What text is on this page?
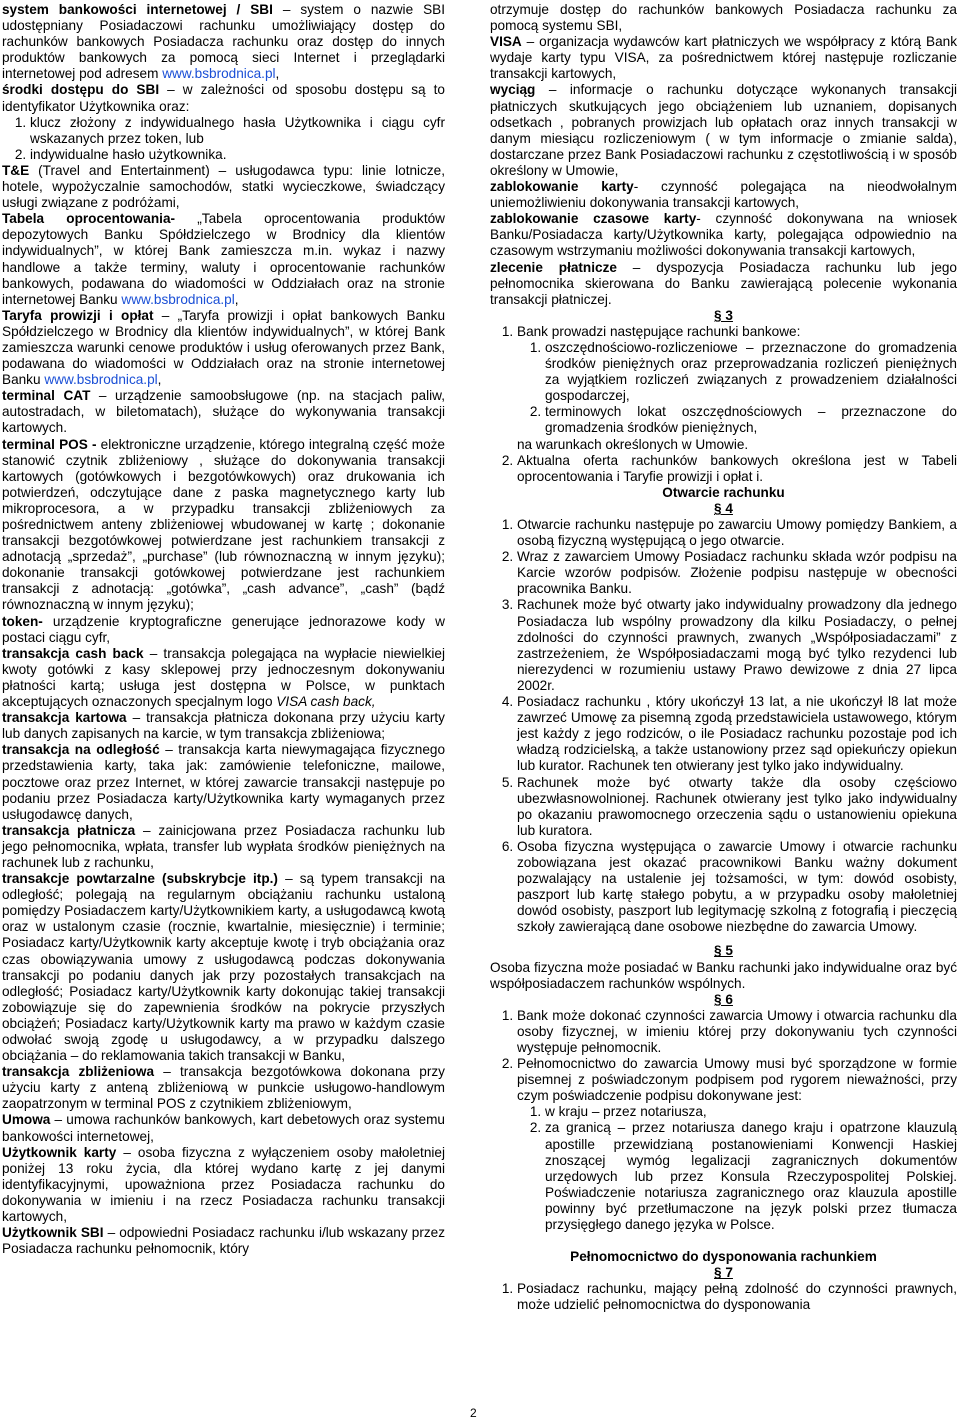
system bankowości internetowej / SBI – system o nazwie SBI udostępniany Posiadaczowi rachunku umożliwiający dostęp do rachunków bankowych Posiadacza rachunku oraz dostęp do innych produktów bankowych za pomocą sieci Internet i przeglądarki internetowej pod adresem www.bsbrodnica.pl,

środki dostępu do SBI – w zależności od sposobu dostępu są to identyfikator Użytkownika oraz:

1. klucz złożony z indywidualnego hasła Użytkownika i ciągu cyfr wskazanych przez token, lub
2. indywidualne hasło użytkownika.

T&E (Travel and Entertainment) – usługodawca typu: linie lotnicze, hotele, wypożyczalnie samochodów, statki wycieczkowe, świadczący usługi związane z podróżami,

Tabela oprocentowania- „Tabela oprocentowania produktów depozytowych Banku Spółdzielczego w Brodnicy dla klientów indywidualnych”, w której Bank zamieszcza m.in. wykaz i nazwy handlowe a także terminy, waluty i oprocentowanie rachunków bankowych, podawana do wiadomości w Oddziałach oraz na stronie internetowej Banku www.bsbrodnica.pl,

Taryfa prowizji i opłat – „Taryfa prowizji i opłat bankowych Banku Spółdzielczego w Brodnicy dla klientów indywidualnych”, w której Bank zamieszcza warunki cenowe produktów i usług oferowanych przez Bank, podawana do wiadomości w Oddziałach oraz na stronie internetowej Banku www.bsbrodnica.pl,

terminal CAT – urządzenie samoobsługowe (np. na stacjach paliw, autostradach, w biletomatach), służące do wykonywania transakcji kartowych.

terminal POS - elektroniczne urządzenie, którego integralną część może stanowić czytnik zbliżeniowy , służące do dokonywania transakcji kartowych (gotówkowych i bezgotówkowych) oraz drukowania ich potwierdzeń, odczytujące dane z paska magnetycznego karty lub mikroprocesora, a w przypadku transakcji zbliżeniowych za pośrednictwem anteny zbliżeniowej wbudowanej w kartę ; dokonanie transakcji bezgotówkowej potwierdzane jest rachunkiem transakcji z adnotacją „sprzedaż”, „purchase” (lub równoznaczną w innym języku); dokonanie transakcji gotówkowej potwierdzane jest rachunkiem transakcji z adnotacją: „gotówka”, „cash advance”, „cash” (bądź równoznaczną w innym języku);

token- urządzenie kryptograficzne generujące jednorazowe kody w postaci ciągu cyfr,

transakcja cash back – transakcja polegająca na wypłacie niewielkiej kwoty gotówki z kasy sklepowej przy jednoczesnym dokonywaniu płatności kartą; usługa jest dostępna w Polsce, w punktach akceptujących oznaczonych specjalnym logo VISA cash back,

transakcja kartowa – transakcja płatnicza dokonana przy użyciu karty lub danych zapisanych na karcie, w tym transakcja zbliżeniowa;

transakcja na odległość – transakcja karta niewymagająca fizycznego przedstawienia karty, taka jak: zamówienie telefoniczne, mailowe, pocztowe oraz przez Internet, w której zawarcie transakcji następuje po podaniu przez Posiadacza karty/Użytkownika karty wymaganych przez usługodawcę danych,

transakcja płatnicza – zainicjowana przez Posiadacza rachunku lub jego pełnomocnika, wpłata, transfer lub wypłata środków pieniężnych na rachunek lub z rachunku,

transakcje powtarzalne (subskrybcje itp.) – są typem transakcji na odległość; polegają na regularnym obciążaniu rachunku ustaloną pomiędzy Posiadaczem karty/Użytkownikiem karty, a usługodawcą kwotą oraz w ustalonym czasie (rocznie, kwartalnie, miesięcznie) i terminie; Posiadacz karty/Użytkownik karty akceptuje kwotę i tryb obciążania oraz czas obowiązywania umowy z usługodawcą podczas dokonywania transakcji po podaniu danych jak przy pozostałych transakcjach na odległość; Posiadacz karty/Użytkownik karty dokonując takiej transakcji zobowiązuje się do zapewnienia środków na pokrycie przyszłych obciążeń; Posiadacz karty/Użytkownik karty ma prawo w każdym czasie odwołać swoją zgodę u usługodawcy, a w przypadku dalszego obciążania – do reklamowania takich transakcji w Banku,

transakcja zbliżeniowa – transakcja bezgotówkowa dokonana przy użyciu karty z anteną zbliżeniową w punkcie usługowo-handlowym zaopatrzonym w terminal POS z czytnikiem zbliżeniowym,

Umowa – umowa rachunków bankowych, kart debetowych oraz systemu bankowości internetowej,

Użytkownik karty – osoba fizyczna z wyłączeniem osoby małoletniej poniżej 13 roku życia, dla której wydano kartę z jej danymi identyfikacyjnymi, upoważniona przez Posiadacza rachunku do dokonywania w imieniu i na rzecz Posiadacza rachunku transakcji kartowych,

Użytkownik SBI – odpowiedni Posiadacz rachunku i/lub wskazany przez Posiadacza rachunku pełnomocnik, który

otrzymuje dostęp do rachunków bankowych Posiadacza rachunku za pomocą systemu SBI,

VISA – organizacja wydawców kart płatniczych we współpracy z którą Bank wydaje karty typu VISA, za pośrednictwem której następuje rozliczanie transakcji kartowych,

wyciąg – informacje o rachunku dotyczące wykonanych transakcji płatniczych skutkujących jego obciążeniem lub uznaniem, dopisanych odsetkach , pobranych prowizjach lub opłatach oraz innych transakcji w danym miesiącu rozliczeniowym ( w tym informacje o zmianie salda), dostarczane przez Bank Posiadaczowi rachunku z częstotliwością i w sposób określony w Umowie,

zablokowanie karty- czynność polegająca na nieodwołalnym uniemożliwieniu dokonywania transakcji kartowych,

zablokowanie czasowe karty- czynność dokonywana na wniosek Banku/Posiadacza karty/Użytkownika karty, polegająca odpowiednio na czasowym wstrzymaniu możliwości dokonywania transakcji kartowych,

zlecenie płatnicze – dyspozycja Posiadacza rachunku lub jego pełnomocnika skierowana do Banku zawierającą polecenie wykonania transakcji płatniczej.

§ 3

1. Bank prowadzi następujące rachunki bankowe:
1. oszczędnościowo-rozliczeniowe – przeznaczone do gromadzenia środków pieniężnych oraz przeprowadzania rozliczeń pieniężnych za wyjątkiem rozliczeń związanych z prowadzeniem działalności gospodarczej,
2. terminowych lokat oszczędnościowych – przeznaczone do gromadzenia środków pieniężnych,
na warunkach określonych w Umowie.
2. Aktualna oferta rachunków bankowych określona jest w Tabeli oprocentowania i Taryfie prowizji i opłat i.

Otwarcie rachunku

§ 4

1. Otwarcie rachunku następuje po zawarciu Umowy pomiędzy Bankiem, a osobą fizyczną występującą o jego otwarcie.
2. Wraz z zawarciem Umowy Posiadacz rachunku składa wzór podpisu na Karcie wzorów podpisów. Złożenie podpisu następuje w obecności pracownika Banku.
3. Rachunek może być otwarty jako indywidualny prowadzony dla jednego Posiadacza lub wspólny prowadzony dla kilku Posiadaczy, o pełnej zdolności do czynności prawnych, zwanych „Współposiadaczami” z zastrzeżeniem, że Współposiadaczami mogą być tylko rezydenci lub nierezydenci w rozumieniu ustawy Prawo dewizowe z dnia 27 lipca 2002r.
4. Posiadacz rachunku , który ukończył 13 lat, a nie ukończył l8 lat może zawrzeć Umowę za pisemną zgodą przedstawiciela ustawowego, którym jest każdy z jego rodziców, o ile Posiadacz rachunku pozostaje pod ich władzą rodzicielską, a także ustanowiony przez sąd opiekuńczy opiekun lub kurator. Rachunek ten otwierany jest tylko jako indywidualny.
5. Rachunek może być otwarty także dla osoby częściowo ubezwłasnowolnionej. Rachunek otwierany jest tylko jako indywidualny po okazaniu prawomocnego orzeczenia sądu o ustanowieniu opiekuna lub kuratora.
6. Osoba fizyczna występująca o zawarcie Umowy i otwarcie rachunku zobowiązana jest okazać pracownikowi Banku ważny dokument pozwalający na ustalenie jej tożsamości, w tym: dowód osobisty, paszport lub kartę stałego pobytu, a w przypadku osoby małoletniej dowód osobisty, paszport lub legitymację szkolną z fotografią i pieczęcią szkoły zawierającą dane osobowe niezbędne do zawarcia Umowy.

§ 5

Osoba fizyczna może posiadać w Banku rachunki jako indywidualne oraz być współposiadaczem rachunków wspólnych.

§ 6

1. Bank może dokonać czynności zawarcia Umowy i otwarcia rachunku dla osoby fizycznej, w imieniu której przy dokonywaniu tych czynności występuje pełnomocnik.
2. Pełnomocnictwo do zawarcia Umowy musi być sporządzone w formie pisemnej z poświadczonym podpisem pod rygorem nieważności, przy czym poświadczenie podpisu dokonywane jest:
1. w kraju – przez notariusza,
2. za granicą – przez notariusza danego kraju i opatrzone klauzulą apostille przewidzianą postanowieniami Konwencji Haskiej znoszącej wymóg legalizacji zagranicznych dokumentów urzędowych lub przez Konsula Rzeczypospolitej Polskiej. Poświadczenie notariusza zagranicznego oraz klauzula apostille powinny być przetłumaczone na język polski przez tłumacza przysięgłego danego języka w Polsce.

Pełnomocnictwo do dysponowania rachunkiem

§ 7

1. Posiadacz rachunku, mający pełną zdolność do czynności prawnych, może udzielić pełnomocnictwa do dysponowania
2
